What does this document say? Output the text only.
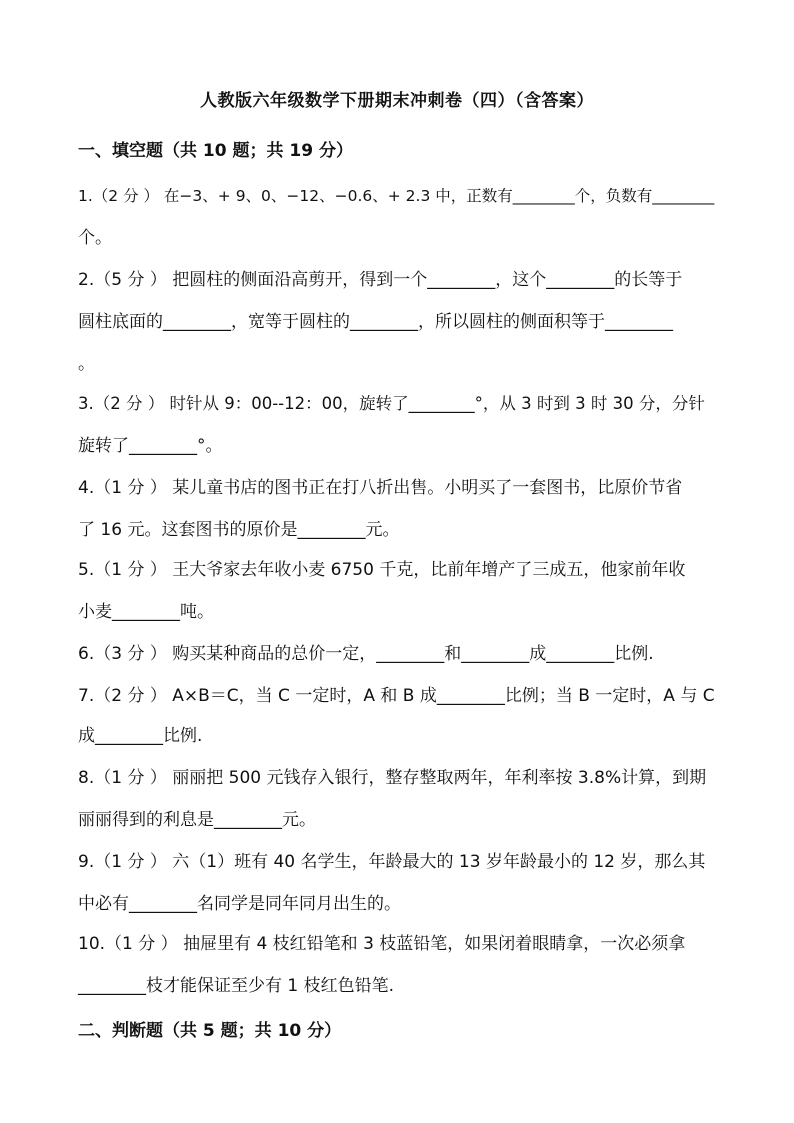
人教版六年级数学下册期末冲刺卷（四）（含答案）
一、填空题（共 10 题；共 19 分）
1.（2 分 ） 在−3、+ 9、0、−12、−0.6、+ 2.3 中，正数有________个，负数有________
个。
2.（5 分 ） 把圆柱的侧面沿高剪开，得到一个________，这个________的长等于
圆柱底面的________，宽等于圆柱的________，所以圆柱的侧面积等于________
。
3.（2 分 ） 时针从 9：00--12：00，旋转了________°，从 3 时到 3 时 30 分，分针
旋转了________°。
4.（1 分 ） 某儿童书店的图书正在打八折出售。小明买了一套图书，比原价节省
了 16 元。这套图书的原价是________元。
5.（1 分 ） 王大爷家去年收小麦 6750 千克，比前年增产了三成五，他家前年收
小麦________吨。
6.（3 分 ） 购买某种商品的总价一定，________和________成________比例.
7.（2 分 ） A×B＝C，当 C 一定时，A 和 B 成________比例；当 B 一定时，A 与 C
成________比例.
8.（1 分 ） 丽丽把 500 元钱存入银行，整存整取两年，年利率按 3.8%计算，到期
丽丽得到的利息是________元。
9.（1 分 ） 六（1）班有 40 名学生，年龄最大的 13 岁年龄最小的 12 岁，那么其
中必有________名同学是同年同月出生的。
10.（1 分 ） 抽屉里有 4 枝红铅笔和 3 枝蓝铅笔，如果闭着眼睛拿，一次必须拿
________枝才能保证至少有 1 枝红色铅笔.
二、判断题（共 5 题；共 10 分）
